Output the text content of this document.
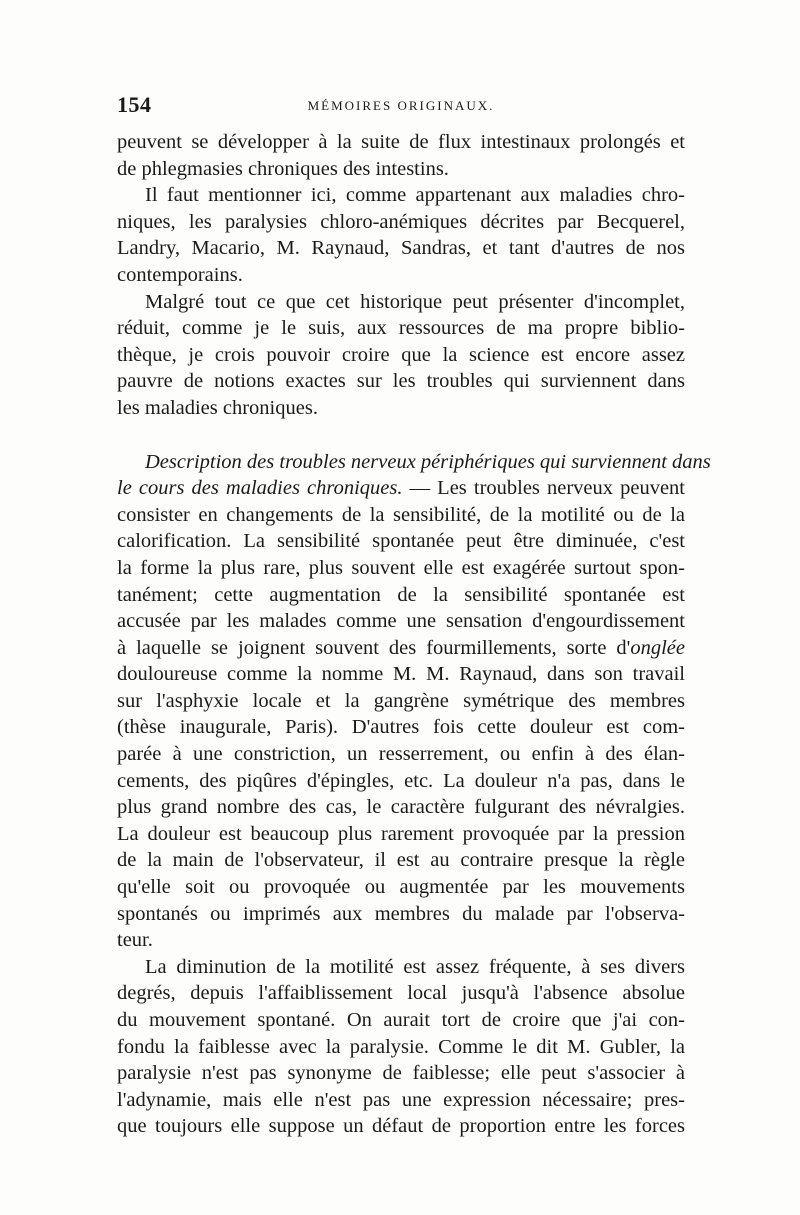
154	MÉMOIRES ORIGINAUX.

peuvent se développer à la suite de flux intestinaux prolongés et
de phlegmasies chroniques des intestins.

Il faut mentionner ici, comme appartenant aux maladies chro-
niques, les paralysies chloro-anémiques décrites par Becquerel,
Landry, Macario, M. Raynaud, Sandras, et tant d'autres de nos
contemporains.

Malgré tout ce que cet historique peut présenter d'incomplet,
réduit, comme je le suis, aux ressources de ma propre biblio-
thèque, je crois pouvoir croire que la science est encore assez
pauvre de notions exactes sur les troubles qui surviennent dans
les maladies chroniques.

Description des troubles nerveux périphériques qui surviennent dans
le cours des maladies chroniques. — Les troubles nerveux peuvent
consister en changements de la sensibilité, de la motilité ou de la
calorification. La sensibilité spontanée peut être diminuée, c'est
la forme la plus rare, plus souvent elle est exagérée surtout spon-
tanément; cette augmentation de la sensibilité spontanée est
accusée par les malades comme une sensation d'engourdissement
à laquelle se joignent souvent des fourmillements, sorte d'onglée
douloureuse comme la nomme M. M. Raynaud, dans son travail
sur l'asphyxie locale et la gangrène symétrique des membres
(thèse inaugurale, Paris). D'autres fois cette douleur est com-
parée à une constriction, un resserrement, ou enfin à des élan-
cements, des piqûres d'épingles, etc. La douleur n'a pas, dans le
plus grand nombre des cas, le caractère fulgurant des névralgies.
La douleur est beaucoup plus rarement provoquée par la pression
de la main de l'observateur, il est au contraire presque la règle
qu'elle soit ou provoquée ou augmentée par les mouvements
spontanés ou imprimés aux membres du malade par l'observa-
teur.

La diminution de la motilité est assez fréquente, à ses divers
degrés, depuis l'affaiblissement local jusqu'à l'absence absolue
du mouvement spontané. On aurait tort de croire que j'ai con-
fondu la faiblesse avec la paralysie. Comme le dit M. Gubler, la
paralysie n'est pas synonyme de faiblesse; elle peut s'associer à
l'adynamie, mais elle n'est pas une expression nécessaire; pres-
que toujours elle suppose un défaut de proportion entre les forces
